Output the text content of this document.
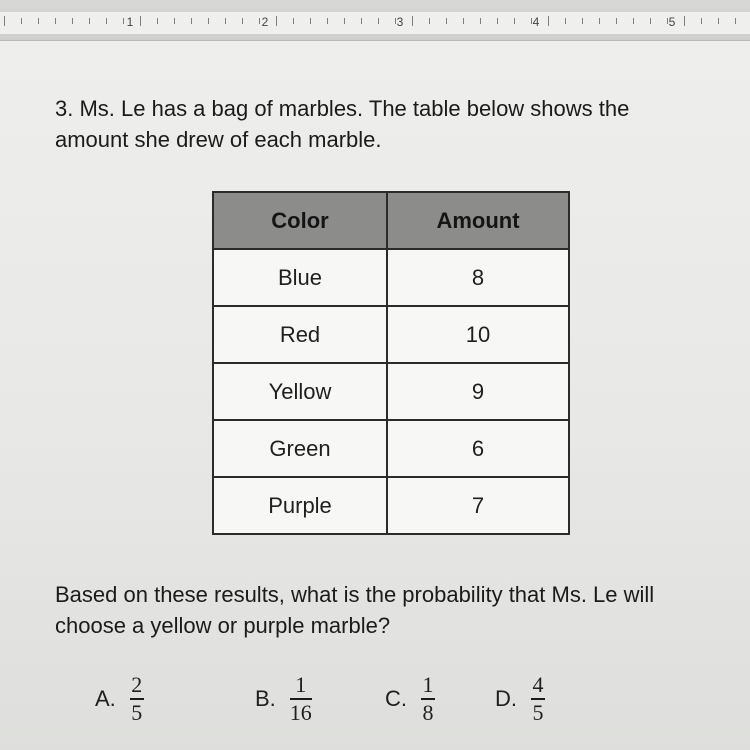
1	2	3	4	5
3. Ms. Le has a bag of marbles. The table below shows the amount she drew of each marble.
Color	Amount
Blue	8
Red	10
Yellow	9
Green	6
Purple	7
Based on these results, what is the probability that Ms. Le will choose a yellow or purple marble?
A. $\frac{2}{5}$	B. $\frac{1}{16}$	C. $\frac{1}{8}$	D. $\frac{4}{5}$
